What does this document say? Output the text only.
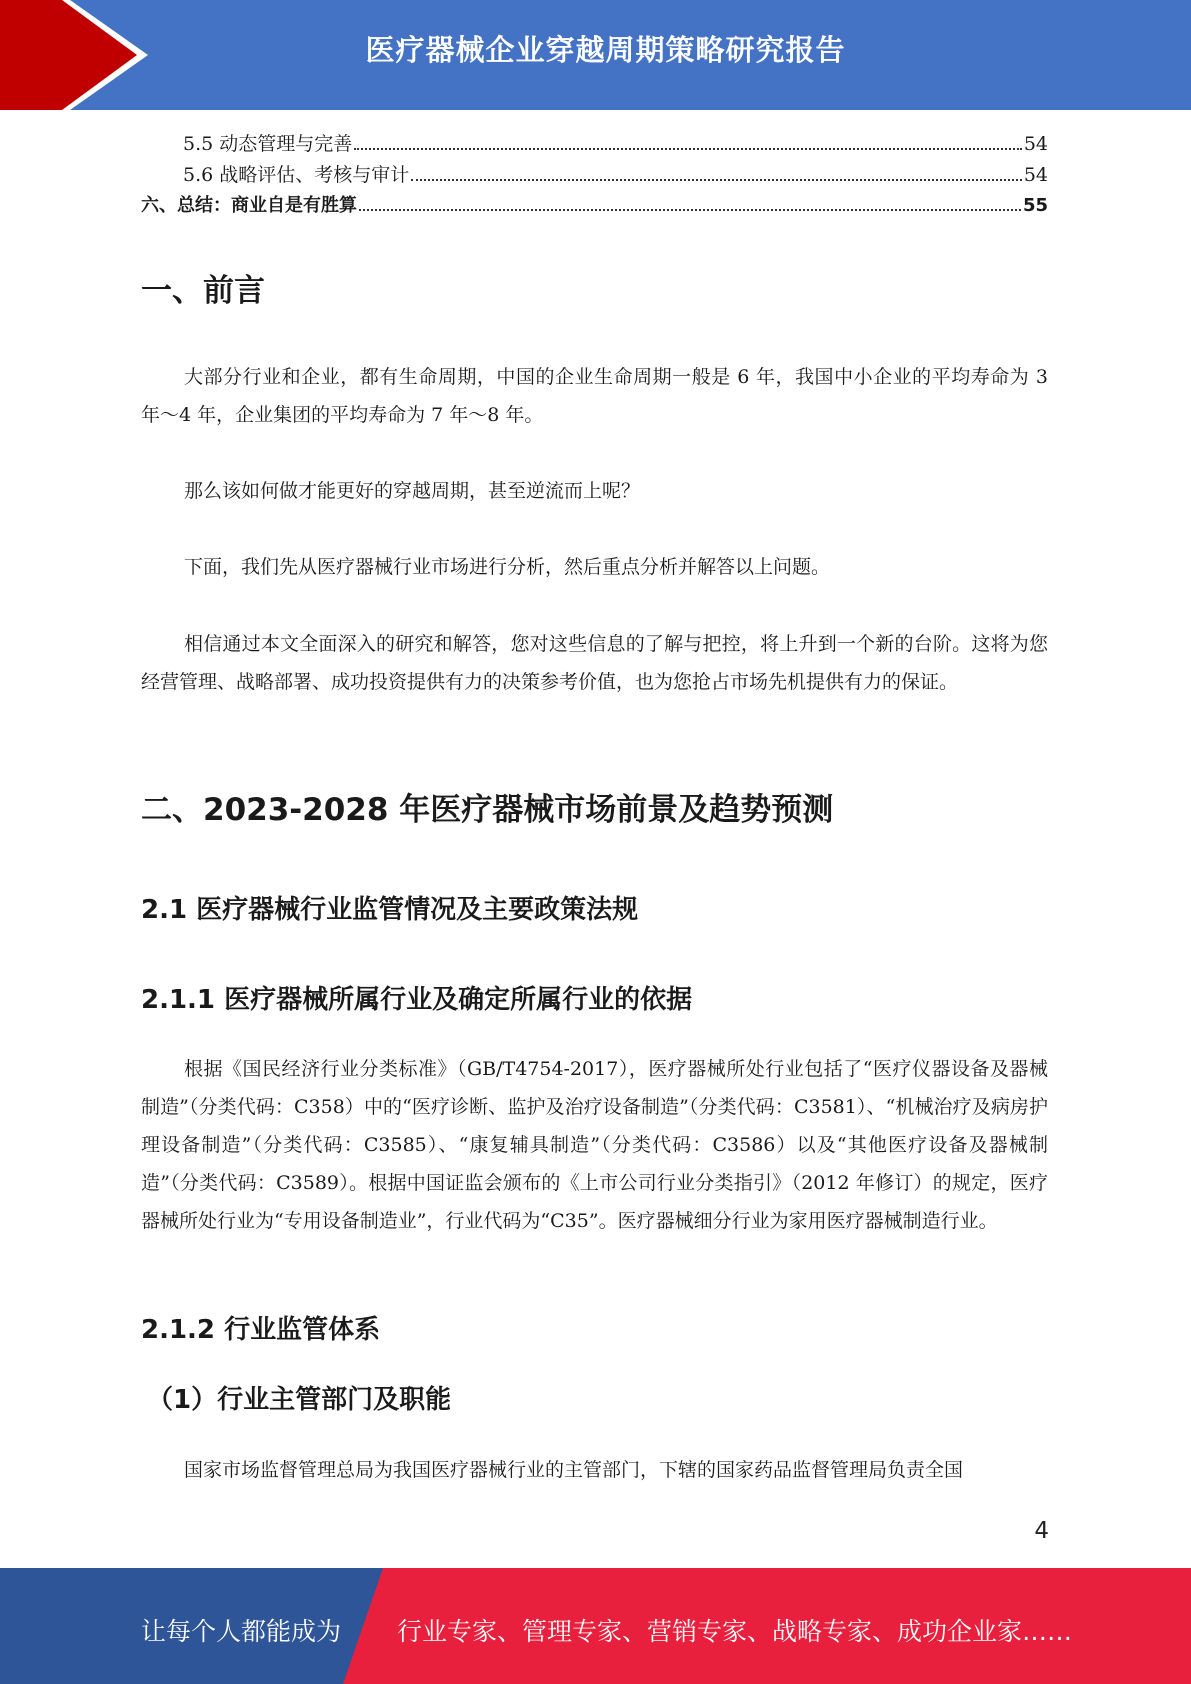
医疗器械企业穿越周期策略研究报告
5.5 动态管理与完善	54
5.6 战略评估、考核与审计	54
六、总结：商业自是有胜算	55
一、前言

大部分行业和企业，都有生命周期，中国的企业生命周期一般是 6 年，我国中小企业的平均寿命为 3 年～4 年，企业集团的平均寿命为 7 年～8 年。

那么该如何做才能更好的穿越周期，甚至逆流而上呢？

下面，我们先从医疗器械行业市场进行分析，然后重点分析并解答以上问题。

相信通过本文全面深入的研究和解答，您对这些信息的了解与把控，将上升到一个新的台阶。这将为您经营管理、战略部署、成功投资提供有力的决策参考价值，也为您抢占市场先机提供有力的保证。

二、2023-2028 年医疗器械市场前景及趋势预测
2.1 医疗器械行业监管情况及主要政策法规
2.1.1 医疗器械所属行业及确定所属行业的依据

根据《国民经济行业分类标准》（GB/T4754-2017），医疗器械所处行业包括了“医疗仪器设备及器械制造”（分类代码：C358）中的“医疗诊断、监护及治疗设备制造”（分类代码：C3581）、“机械治疗及病房护理设备制造”（分类代码：C3585）、“康复辅具制造”（分类代码：C3586）以及“其他医疗设备及器械制造”（分类代码：C3589）。根据中国证监会颁布的《上市公司行业分类指引》（2012 年修订）的规定，医疗器械所处行业为“专用设备制造业”，行业代码为“C35”。医疗器械细分行业为家用医疗器械制造行业。

2.1.2 行业监管体系
（1）行业主管部门及职能

国家市场监督管理总局为我国医疗器械行业的主管部门，下辖的国家药品监督管理局负责全国

4
让每个人都能成为 行业专家、管理专家、营销专家、战略专家、成功企业家……
